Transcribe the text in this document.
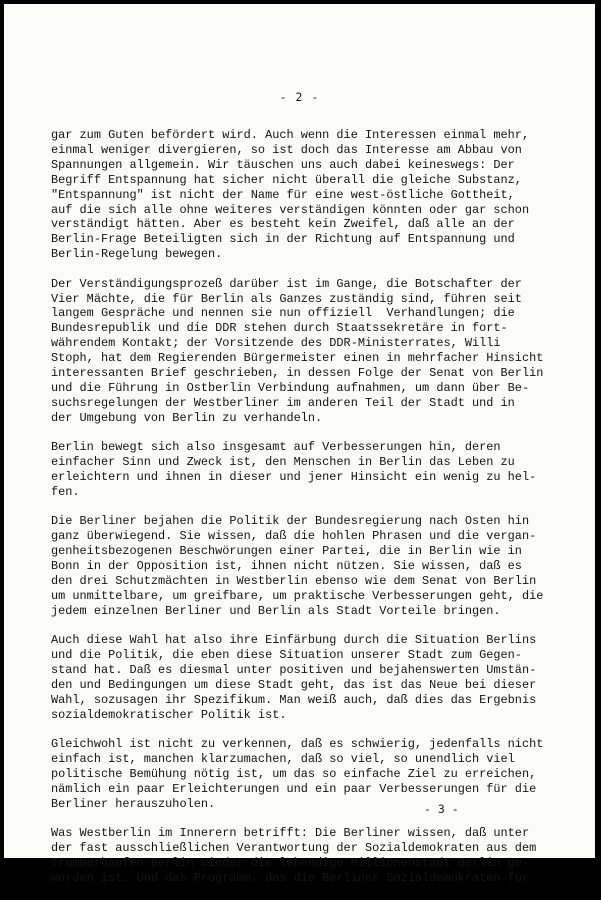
- 2 -
gar zum Guten befördert wird. Auch wenn die Interessen einmal mehr,
einmal weniger divergieren, so ist doch das Interesse am Abbau von
Spannungen allgemein. Wir täuschen uns auch dabei keineswegs: Der
Begriff Entspannung hat sicher nicht überall die gleiche Substanz,
"Entspannung" ist nicht der Name für eine west-östliche Gottheit,
auf die sich alle ohne weiteres verständigen könnten oder gar schon
verständigt hätten. Aber es besteht kein Zweifel, daß alle an der
Berlin-Frage Beteiligten sich in der Richtung auf Entspannung und
Berlin-Regelung bewegen.
Der Verständigungsprozeß darüber ist im Gange, die Botschafter der
Vier Mächte, die für Berlin als Ganzes zuständig sind, führen seit
langem Gespräche und nennen sie nun offiziell  Verhandlungen; die
Bundesrepublik und die DDR stehen durch Staatssekretäre in fort-
währendem Kontakt; der Vorsitzende des DDR-Ministerrates, Willi
Stoph, hat dem Regierenden Bürgermeister einen in mehrfacher Hinsicht
interessanten Brief geschrieben, in dessen Folge der Senat von Berlin
und die Führung in Ostberlin Verbindung aufnahmen, um dann über Be-
suchsregelungen der Westberliner im anderen Teil der Stadt und in
der Umgebung von Berlin zu verhandeln.
Berlin bewegt sich also insgesamt auf Verbesserungen hin, deren
einfacher Sinn und Zweck ist, den Menschen in Berlin das Leben zu
erleichtern und ihnen in dieser und jener Hinsicht ein wenig zu hel-
fen.
Die Berliner bejahen die Politik der Bundesregierung nach Osten hin
ganz überwiegend. Sie wissen, daß die hohlen Phrasen und die vergan-
genheitsbezogenen Beschwörungen einer Partei, die in Berlin wie in
Bonn in der Opposition ist, ihnen nicht nützen. Sie wissen, daß es
den drei Schutzmächten in Westberlin ebenso wie dem Senat von Berlin
um unmittelbare, um greifbare, um praktische Verbesserungen geht, die
jedem einzelnen Berliner und Berlin als Stadt Vorteile bringen.
Auch diese Wahl hat also ihre Einfärbung durch die Situation Berlins
und die Politik, die eben diese Situation unserer Stadt zum Gegen-
stand hat. Daß es diesmal unter positiven und bejahenswerten Umstän-
den und Bedingungen um diese Stadt geht, das ist das Neue bei dieser
Wahl, sozusagen ihr Spezifikum. Man weiß auch, daß dies das Ergebnis
sozialdemokratischer Politik ist.
Gleichwohl ist nicht zu verkennen, daß es schwierig, jedenfalls nicht
einfach ist, manchen klarzumachen, daß so viel, so unendlich viel
politische Bemühung nötig ist, um das so einfache Ziel zu erreichen,
nämlich ein paar Erleichterungen und ein paar Verbesserungen für die
Berliner herauszuholen.
Was Westberlin im Innerern betrifft: Die Berliner wissen, daß unter
der fast ausschließlichen Verantwortung der Sozialdemokraten aus dem
Trümmerhaufen Berlin wieder die lebendige Millionenstadt Berlin ge-
worden ist. Und das Programm, das die Berliner Sozialdemokraten für
- 3 -
